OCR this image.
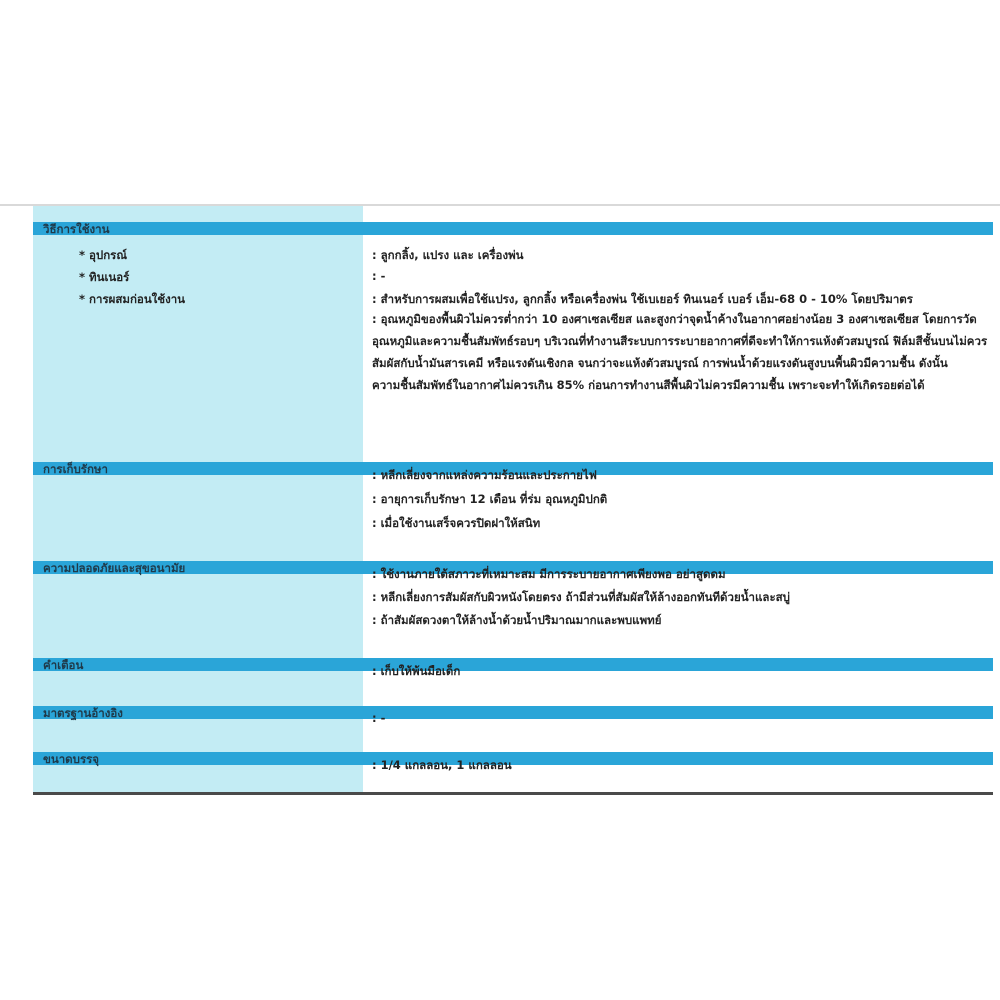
วิธีการใช้งาน
* อุปกรณ์	: ลูกกลิ้ง, แปรง และ เครื่องพ่น
* ทินเนอร์	: -
* การผสมก่อนใช้งาน	: สำหรับการผสมเพื่อใช้แปรง, ลูกกลิ้ง หรือเครื่องพ่น ใช้เบเยอร์ ทินเนอร์ เบอร์ เอ็ม-68 0 - 10% โดยปริมาตร
: อุณหภูมิของพื้นผิวไม่ควรต่ำกว่า 10 องศาเซลเซียส และสูงกว่าจุดน้ำค้างในอากาศอย่างน้อย 3 องศาเซลเซียส โดยการวัดอุณหภูมิและความชื้นสัมพัทธ์รอบๆ บริเวณที่ทำงานสีระบบการระบายอากาศที่ดีจะทำให้การแห้งตัวสมบูรณ์ ฟิล์มสีชั้นบนไม่ควรสัมผัสกับน้ำมันสารเคมี หรือแรงดันเชิงกล จนกว่าจะแห้งตัวสมบูรณ์ การพ่นน้ำด้วยแรงดันสูงบนพื้นผิวมีความชื้น ดังนั้นความชื้นสัมพัทธ์ในอากาศไม่ควรเกิน 85% ก่อนการทำงานสีพื้นผิวไม่ควรมีความชื้น เพราะจะทำให้เกิดรอยต่อได้
การเก็บรักษา	: หลีกเลี่ยงจากแหล่งความร้อนและประกายไฟ
: อายุการเก็บรักษา 12 เดือน ที่ร่ม อุณหภูมิปกติ
: เมื่อใช้งานเสร็จควรปิดฝาให้สนิท
ความปลอดภัยและสุขอนามัย	: ใช้งานภายใต้สภาวะที่เหมาะสม มีการระบายอากาศเพียงพอ อย่าสูดดม
: หลีกเลี่ยงการสัมผัสกับผิวหนังโดยตรง ถ้ามีส่วนที่สัมผัสให้ล้างออกทันทีด้วยน้ำและสบู่
: ถ้าสัมผัสดวงตาให้ล้างน้ำด้วยน้ำปริมาณมากและพบแพทย์
คำเตือน	: เก็บให้พ้นมือเด็ก
มาตรฐานอ้างอิง	: -
ขนาดบรรจุ	: 1/4 แกลลอน, 1 แกลลอน
